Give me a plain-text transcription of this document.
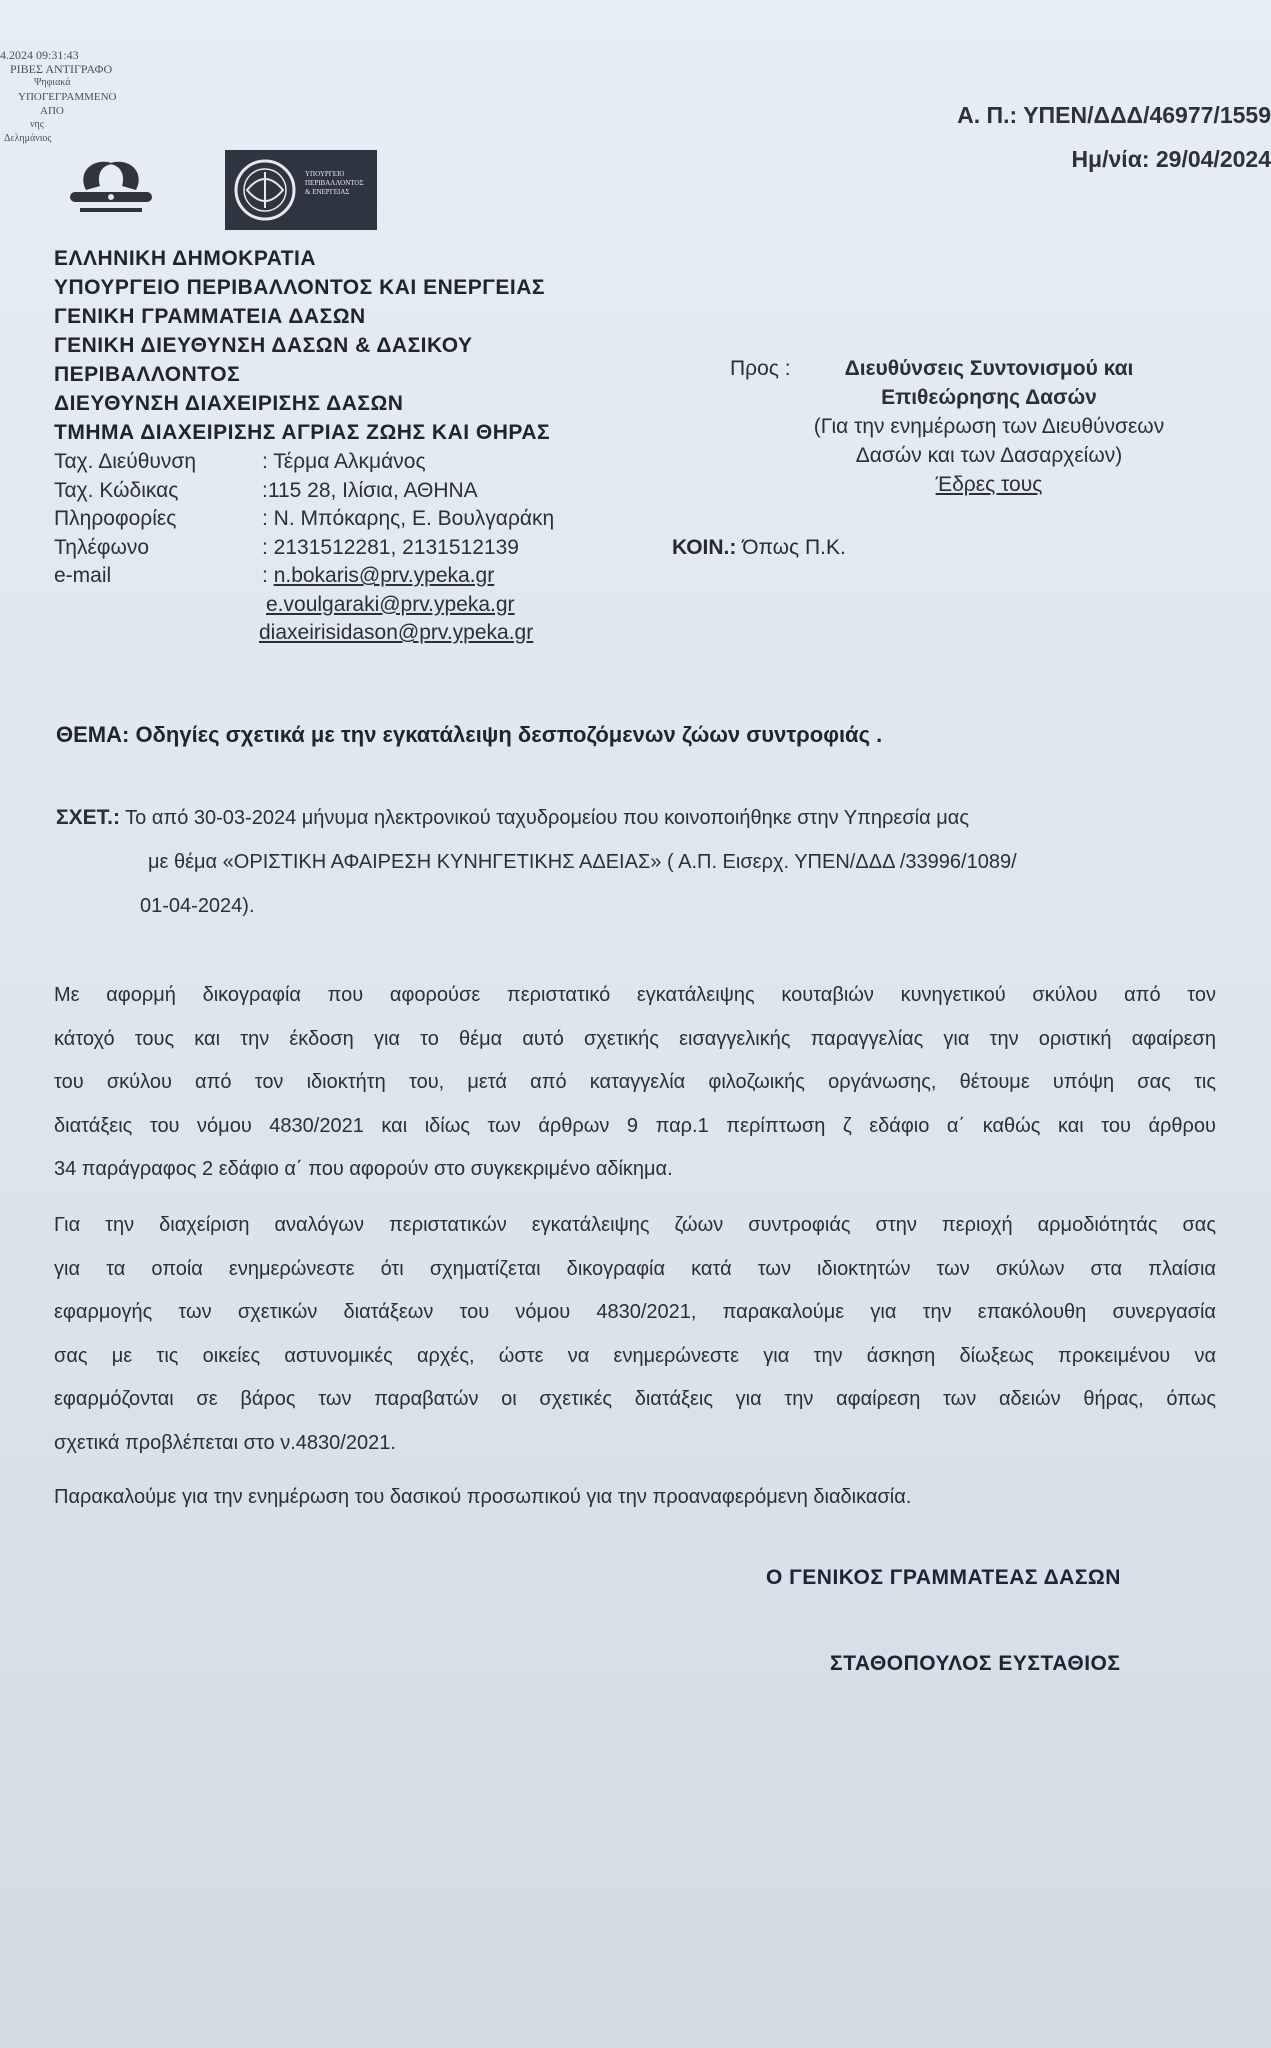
4.2024 09:31:43
ΡΙΒΕΣ ΑΝΤΙΓΡΑΦΟ
Ψηφιακά
ΥΠΟΓΕΓΡΑΜΜΕΝΟ
ΑΠΟ
νης
Δελημάνιος
ΥΠΟΥΡΓΕΙΟ
ΠΕΡΙΒΑΛΛΟΝΤΟΣ
& ΕΝΕΡΓΕΙΑΣ
Α. Π.: ΥΠΕΝ/ΔΔΔ/46977/1559
Ημ/νία: 29/04/2024
ΕΛΛΗΝΙΚΗ ΔΗΜΟΚΡΑΤΙΑ
ΥΠΟΥΡΓΕΙΟ ΠΕΡΙΒΑΛΛΟΝΤΟΣ ΚΑΙ ΕΝΕΡΓΕΙΑΣ
ΓΕΝΙΚΗ ΓΡΑΜΜΑΤΕΙΑ ΔΑΣΩΝ
ΓΕΝΙΚΗ ΔΙΕΥΘΥΝΣΗ ΔΑΣΩΝ & ΔΑΣΙΚΟΥ
ΠΕΡΙΒΑΛΛΟΝΤΟΣ
ΔΙΕΥΘΥΝΣΗ ΔΙΑΧΕΙΡΙΣΗΣ ΔΑΣΩΝ
ΤΜΗΜΑ ΔΙΑΧΕΙΡΙΣΗΣ ΑΓΡΙΑΣ ΖΩΗΣ ΚΑΙ ΘΗΡΑΣ
Ταχ. Διεύθυνση	: Τέρμα Αλκμάνος
Ταχ. Κώδικας	:115 28, Ιλίσια, ΑΘΗΝΑ
Πληροφορίες	: Ν. Μπόκαρης, Ε. Βουλγαράκη
Τηλέφωνο	: 2131512281, 2131512139
e-mail	: n.bokaris@prv.ypeka.gr
e.voulgaraki@prv.ypeka.gr
diaxeirisidason@prv.ypeka.gr
Προς :	Διευθύνσεις Συντονισμού και
Επιθεώρησης Δασών
(Για την ενημέρωση των Διευθύνσεων
Δασών και των Δασαρχείων)
Έδρες τους
ΚΟΙΝ.: Όπως Π.Κ.
ΘΕΜΑ: Οδηγίες σχετικά με την εγκατάλειψη δεσποζόμενων ζώων συντροφιάς .
ΣΧΕΤ.: Το από 30-03-2024 μήνυμα ηλεκτρονικού ταχυδρομείου που κοινοποιήθηκε στην Υπηρεσία μας
με θέμα «ΟΡΙΣΤΙΚΗ ΑΦΑΙΡΕΣΗ ΚΥΝΗΓΕΤΙΚΗΣ ΑΔΕΙΑΣ» ( Α.Π. Εισερχ. ΥΠΕΝ/ΔΔΔ /33996/1089/
01-04-2024).
Με αφορμή δικογραφία που αφορούσε περιστατικό εγκατάλειψης κουταβιών κυνηγετικού σκύλου από τον
κάτοχό τους και την έκδοση για το θέμα αυτό σχετικής εισαγγελικής παραγγελίας για την οριστική αφαίρεση
του σκύλου από τον ιδιοκτήτη του, μετά από καταγγελία φιλοζωικής οργάνωσης, θέτουμε υπόψη σας τις
διατάξεις του νόμου 4830/2021 και ιδίως των άρθρων 9 παρ.1 περίπτωση ζ εδάφιο α΄ καθώς και του άρθρου
34 παράγραφος 2 εδάφιο α΄ που αφορούν στο συγκεκριμένο αδίκημα.
Για την διαχείριση αναλόγων περιστατικών εγκατάλειψης ζώων συντροφιάς στην περιοχή αρμοδιότητάς σας
για τα οποία ενημερώνεστε ότι σχηματίζεται δικογραφία κατά των ιδιοκτητών των σκύλων στα πλαίσια
εφαρμογής των σχετικών διατάξεων του νόμου 4830/2021, παρακαλούμε για την επακόλουθη συνεργασία
σας με τις οικείες αστυνομικές αρχές, ώστε να ενημερώνεστε για την άσκηση δίωξεως προκειμένου να
εφαρμόζονται σε βάρος των παραβατών οι σχετικές διατάξεις για την αφαίρεση των αδειών θήρας, όπως
σχετικά προβλέπεται στο ν.4830/2021.
Παρακαλούμε για την ενημέρωση του δασικού προσωπικού για την προαναφερόμενη διαδικασία.
Ο ΓΕΝΙΚΟΣ ΓΡΑΜΜΑΤΕΑΣ ΔΑΣΩΝ
ΣΤΑΘΟΠΟΥΛΟΣ ΕΥΣΤΑΘΙΟΣ
